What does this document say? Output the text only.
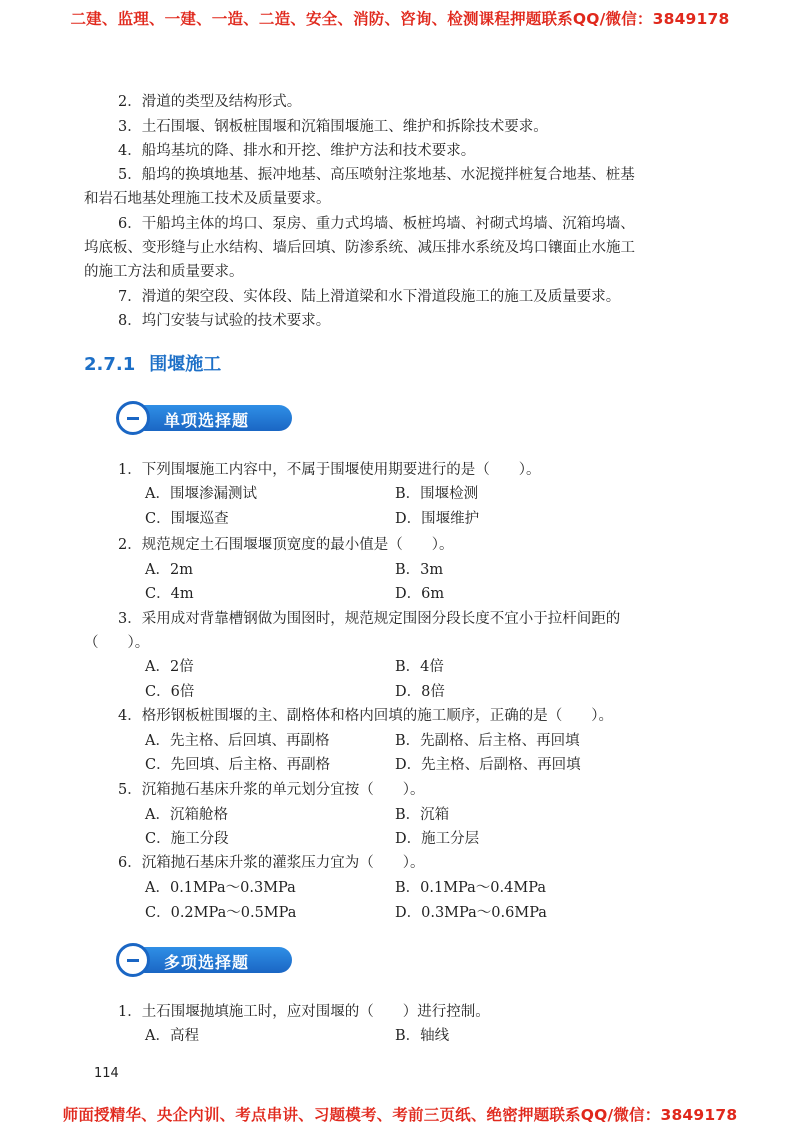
二建、监理、一建、一造、二造、安全、消防、咨询、检测课程押题联系QQ/微信：3849178
2．滑道的类型及结构形式。
3．土石围堰、钢板桩围堰和沉箱围堰施工、维护和拆除技术要求。
4．船坞基坑的降、排水和开挖、维护方法和技术要求。
5．船坞的换填地基、振冲地基、高压喷射注浆地基、水泥搅拌桩复合地基、桩基
和岩石地基处理施工技术及质量要求。
6．干船坞主体的坞口、泵房、重力式坞墙、板桩坞墙、衬砌式坞墙、沉箱坞墙、
坞底板、变形缝与止水结构、墙后回填、防渗系统、减压排水系统及坞口镶面止水施工
的施工方法和质量要求。
7．滑道的架空段、实体段、陆上滑道梁和水下滑道段施工的施工及质量要求。
8．坞门安装与试验的技术要求。
2.7.1 围堰施工
单项选择题
1．下列围堰施工内容中，不属于围堰使用期要进行的是（　　）。
A．围堰渗漏测试	B．围堰检测
C．围堰巡查	D．围堰维护
2．规范规定土石围堰堰顶宽度的最小值是（　　）。
A．2m	B．3m
C．4m	D．6m
3．采用成对背靠槽钢做为围囹时，规范规定围囹分段长度不宜小于拉杆间距的
（　　）。
A．2倍	B．4倍
C．6倍	D．8倍
4．格形钢板桩围堰的主、副格体和格内回填的施工顺序，正确的是（　　）。
A．先主格、后回填、再副格	B．先副格、后主格、再回填
C．先回填、后主格、再副格	D．先主格、后副格、再回填
5．沉箱抛石基床升浆的单元划分宜按（　　）。
A．沉箱舱格	B．沉箱
C．施工分段	D．施工分层
6．沉箱抛石基床升浆的灌浆压力宜为（　　）。
A．0.1MPa～0.3MPa	B．0.1MPa～0.4MPa
C．0.2MPa～0.5MPa	D．0.3MPa～0.6MPa
多项选择题
1．土石围堰抛填施工时，应对围堰的（　　）进行控制。
A．高程	B．轴线
114
师面授精华、央企内训、考点串讲、习题模考、考前三页纸、绝密押题联系QQ/微信：3849178
